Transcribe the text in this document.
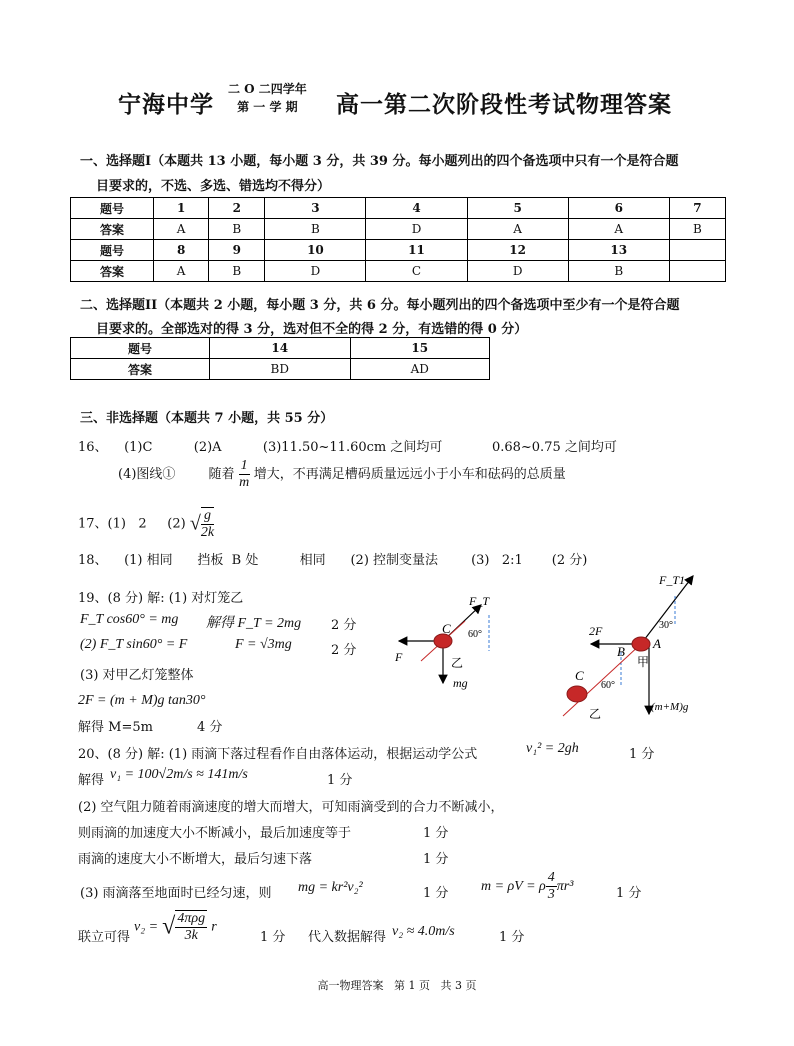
宁海中学
二 O 二四学年
第 一 学 期	高一第二次阶段性考试物理答案
一、选择题I（本题共 13 小题，每小题 3 分，共 39 分。每小题列出的四个备选项中只有一个是符合题
目要求的，不选、多选、错选均不得分）
题号	1	2	3	4	5	6	7
答案	A	B	B	D	A	A	B
题号	8	9	10	11	12	13	
答案	A	B	D	C	D	B	
二、选择题II（本题共 2 小题，每小题 3 分，共 6 分。每小题列出的四个备选项中至少有一个是符合题
目要求的。全部选对的得 3 分，选对但不全的得 2 分，有选错的得 0 分）
题号	14	15
答案	BD	AD
三、非选择题（本题共 7 小题，共 55 分）
16、    (1)C          (2)A          (3)11.50~11.60cm 之间均可            0.68~0.75 之间均可
(4)图线①        随着 $\frac{1}{m}$ 增大，不再满足槽码质量远远小于小车和砝码的总质量
17、(1)   2     (2) √ $\frac{g}{2k}$
18、    (1) 相同      挡板  B 处          相同      (2) 控制变量法        (3)   2:1       (2 分)
19、(8 分) 解: (1) 对灯笼乙
F_T cos60° = mg 解得 F_T = 2mg 2 分
(2) F_T sin60° = F	F = √3mg	2 分
(3) 对甲乙灯笼整体
2F = (m + M)g tan30°
解得 M=5m	4 分
F_T
60°
C
F	乙
mg
F_T1
30°
2F
B
A
甲
C
60°
乙	(m+M)g
20、(8 分) 解: (1) 雨滴下落过程看作自由落体运动，根据运动学公式	v₁² = 2gh	1 分
解得 v₁ = 100√2m/s ≈ 141m/s	1 分
(2) 空气阻力随着雨滴速度的增大而增大，可知雨滴受到的合力不断减小，
则雨滴的加速度大小不断减小，最后加速度等于	1 分
雨滴的速度大小不断增大，最后匀速下落	1 分
(3) 雨滴落至地面时已经匀速，则 mg = kr²v₂²	1 分 m = ρV = ρ $\frac{4}{3} \pi r^3$	1 分
联立可得
v₂ = √ $\frac{\text{4πρg}}{3k}$ r
1 分 代入数据解得 v₂ ≈ 4.0m/s	1 分
高一物理答案   第 1 页   共 3 页
